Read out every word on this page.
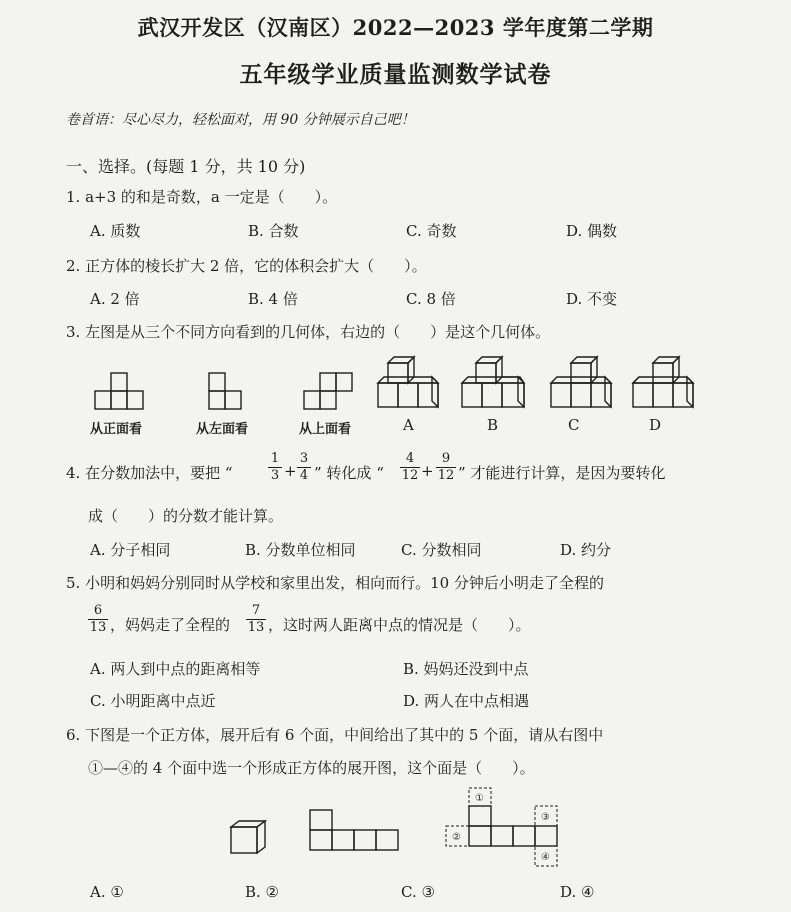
武汉开发区（汉南区）2022—2023 学年度第二学期
五年级学业质量监测数学试卷
卷首语：尽心尽力，轻松面对，用 90 分钟展示自己吧！
一、选择。(每题 1 分，共 10 分)
1. a+3 的和是奇数，a 一定是（　　）。
A. 质数	B. 合数	C. 奇数	D. 偶数
2. 正方体的棱长扩大 2 倍，它的体积会扩大（　　）。
A. 2 倍	B. 4 倍	C. 8 倍	D. 不变
3. 左图是从三个不同方向看到的几何体，右边的（　　）是这个几何体。
从正面看	从左面看	从上面看	A	B	C	D
4. 在分数加法中，要把 “
1
3 +
3
4 ” 转化成 “
4
12 +
9
12 ” 才能进行计算，是因为要转化
成（　　）的分数才能计算。
A. 分子相同	B. 分数单位相同	C. 分数相同	D. 约分
5. 小明和妈妈分别同时从学校和家里出发，相向而行。10 分钟后小明走了全程的
6
13 ，妈妈走了全程的
7
13 ，这时两人距离中点的情况是（　　）。
A. 两人到中点的距离相等	B. 妈妈还没到中点
C. 小明距离中点近	D. 两人在中点相遇
6. 下图是一个正方体，展开后有 6 个面，中间给出了其中的 5 个面，请从右图中
①—④的 4 个面中选一个形成正方体的展开图，这个面是（　　）。
①
②
③
④
A. ①	B. ②	C. ③	D. ④
